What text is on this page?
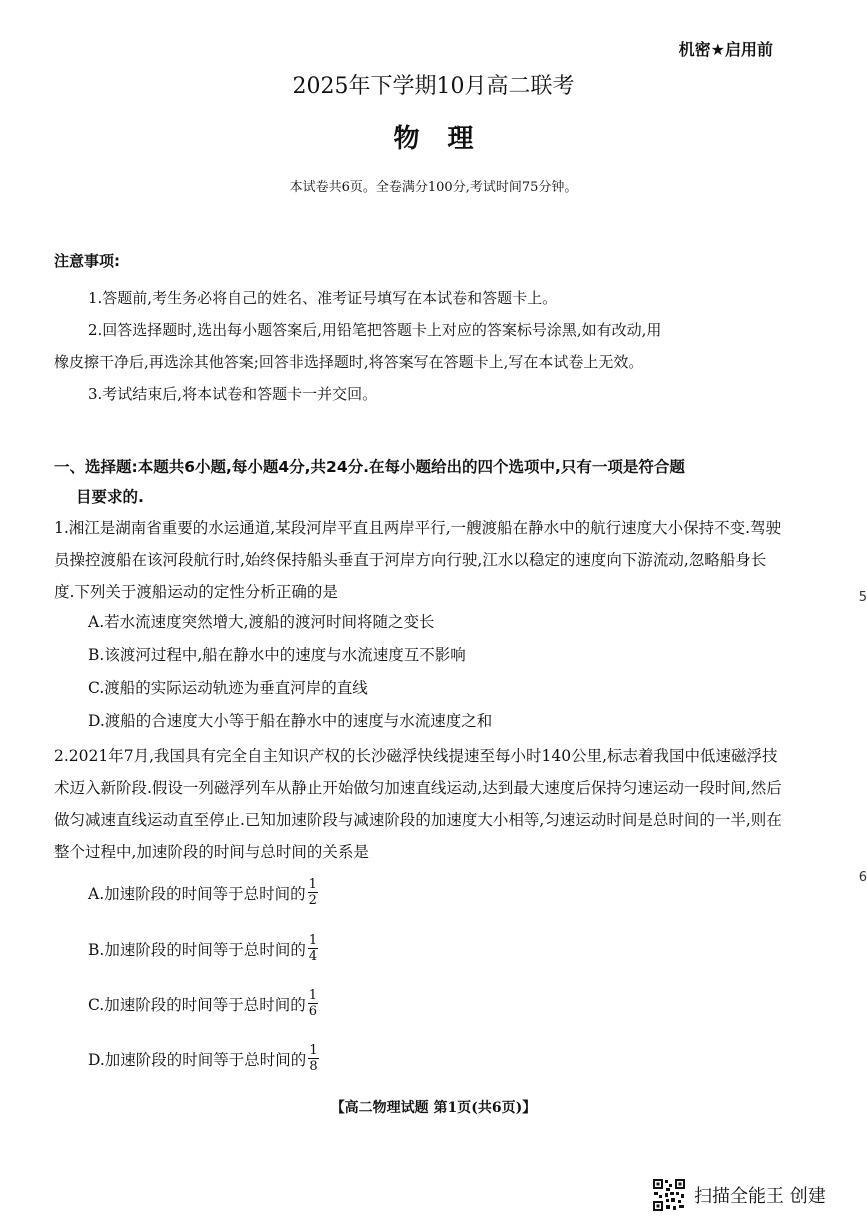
机密★启用前
2025年下学期10月高二联考
物理
本试卷共6页。全卷满分100分,考试时间75分钟。
注意事项:
1.答题前,考生务必将自己的姓名、准考证号填写在本试卷和答题卡上。
2.回答选择题时,选出每小题答案后,用铅笔把答题卡上对应的答案标号涂黑,如有改动,用
橡皮擦干净后,再选涂其他答案;回答非选择题时,将答案写在答题卡上,写在本试卷上无效。
3.考试结束后,将本试卷和答题卡一并交回。
一、选择题:本题共6小题,每小题4分,共24分.在每小题给出的四个选项中,只有一项是符合题
目要求的.
1.湘江是湖南省重要的水运通道,某段河岸平直且两岸平行,一艘渡船在静水中的航行速度大小保持不变.驾驶员操控渡船在该河段航行时,始终保持船头垂直于河岸方向行驶,江水以稳定的速度向下游流动,忽略船身长度.下列关于渡船运动的定性分析正确的是
A.若水流速度突然增大,渡船的渡河时间将随之变长
B.该渡河过程中,船在静水中的速度与水流速度互不影响
C.渡船的实际运动轨迹为垂直河岸的直线
D.渡船的合速度大小等于船在静水中的速度与水流速度之和
2.2021年7月,我国具有完全自主知识产权的长沙磁浮快线提速至每小时140公里,标志着我国中低速磁浮技术迈入新阶段.假设一列磁浮列车从静止开始做匀加速直线运动,达到最大速度后保持匀速运动一段时间,然后做匀减速直线运动直至停止.已知加速阶段与减速阶段的加速度大小相等,匀速运动时间是总时间的一半,则在整个过程中,加速阶段的时间与总时间的关系是
A.加速阶段的时间等于总时间的 $\frac{1}{2}$
B.加速阶段的时间等于总时间的 $\frac{1}{4}$
C.加速阶段的时间等于总时间的 $\frac{1}{6}$
D.加速阶段的时间等于总时间的 $\frac{1}{8}$
【高二物理试题 第1页(共6页)】
5
6
扫描全能王 创建
